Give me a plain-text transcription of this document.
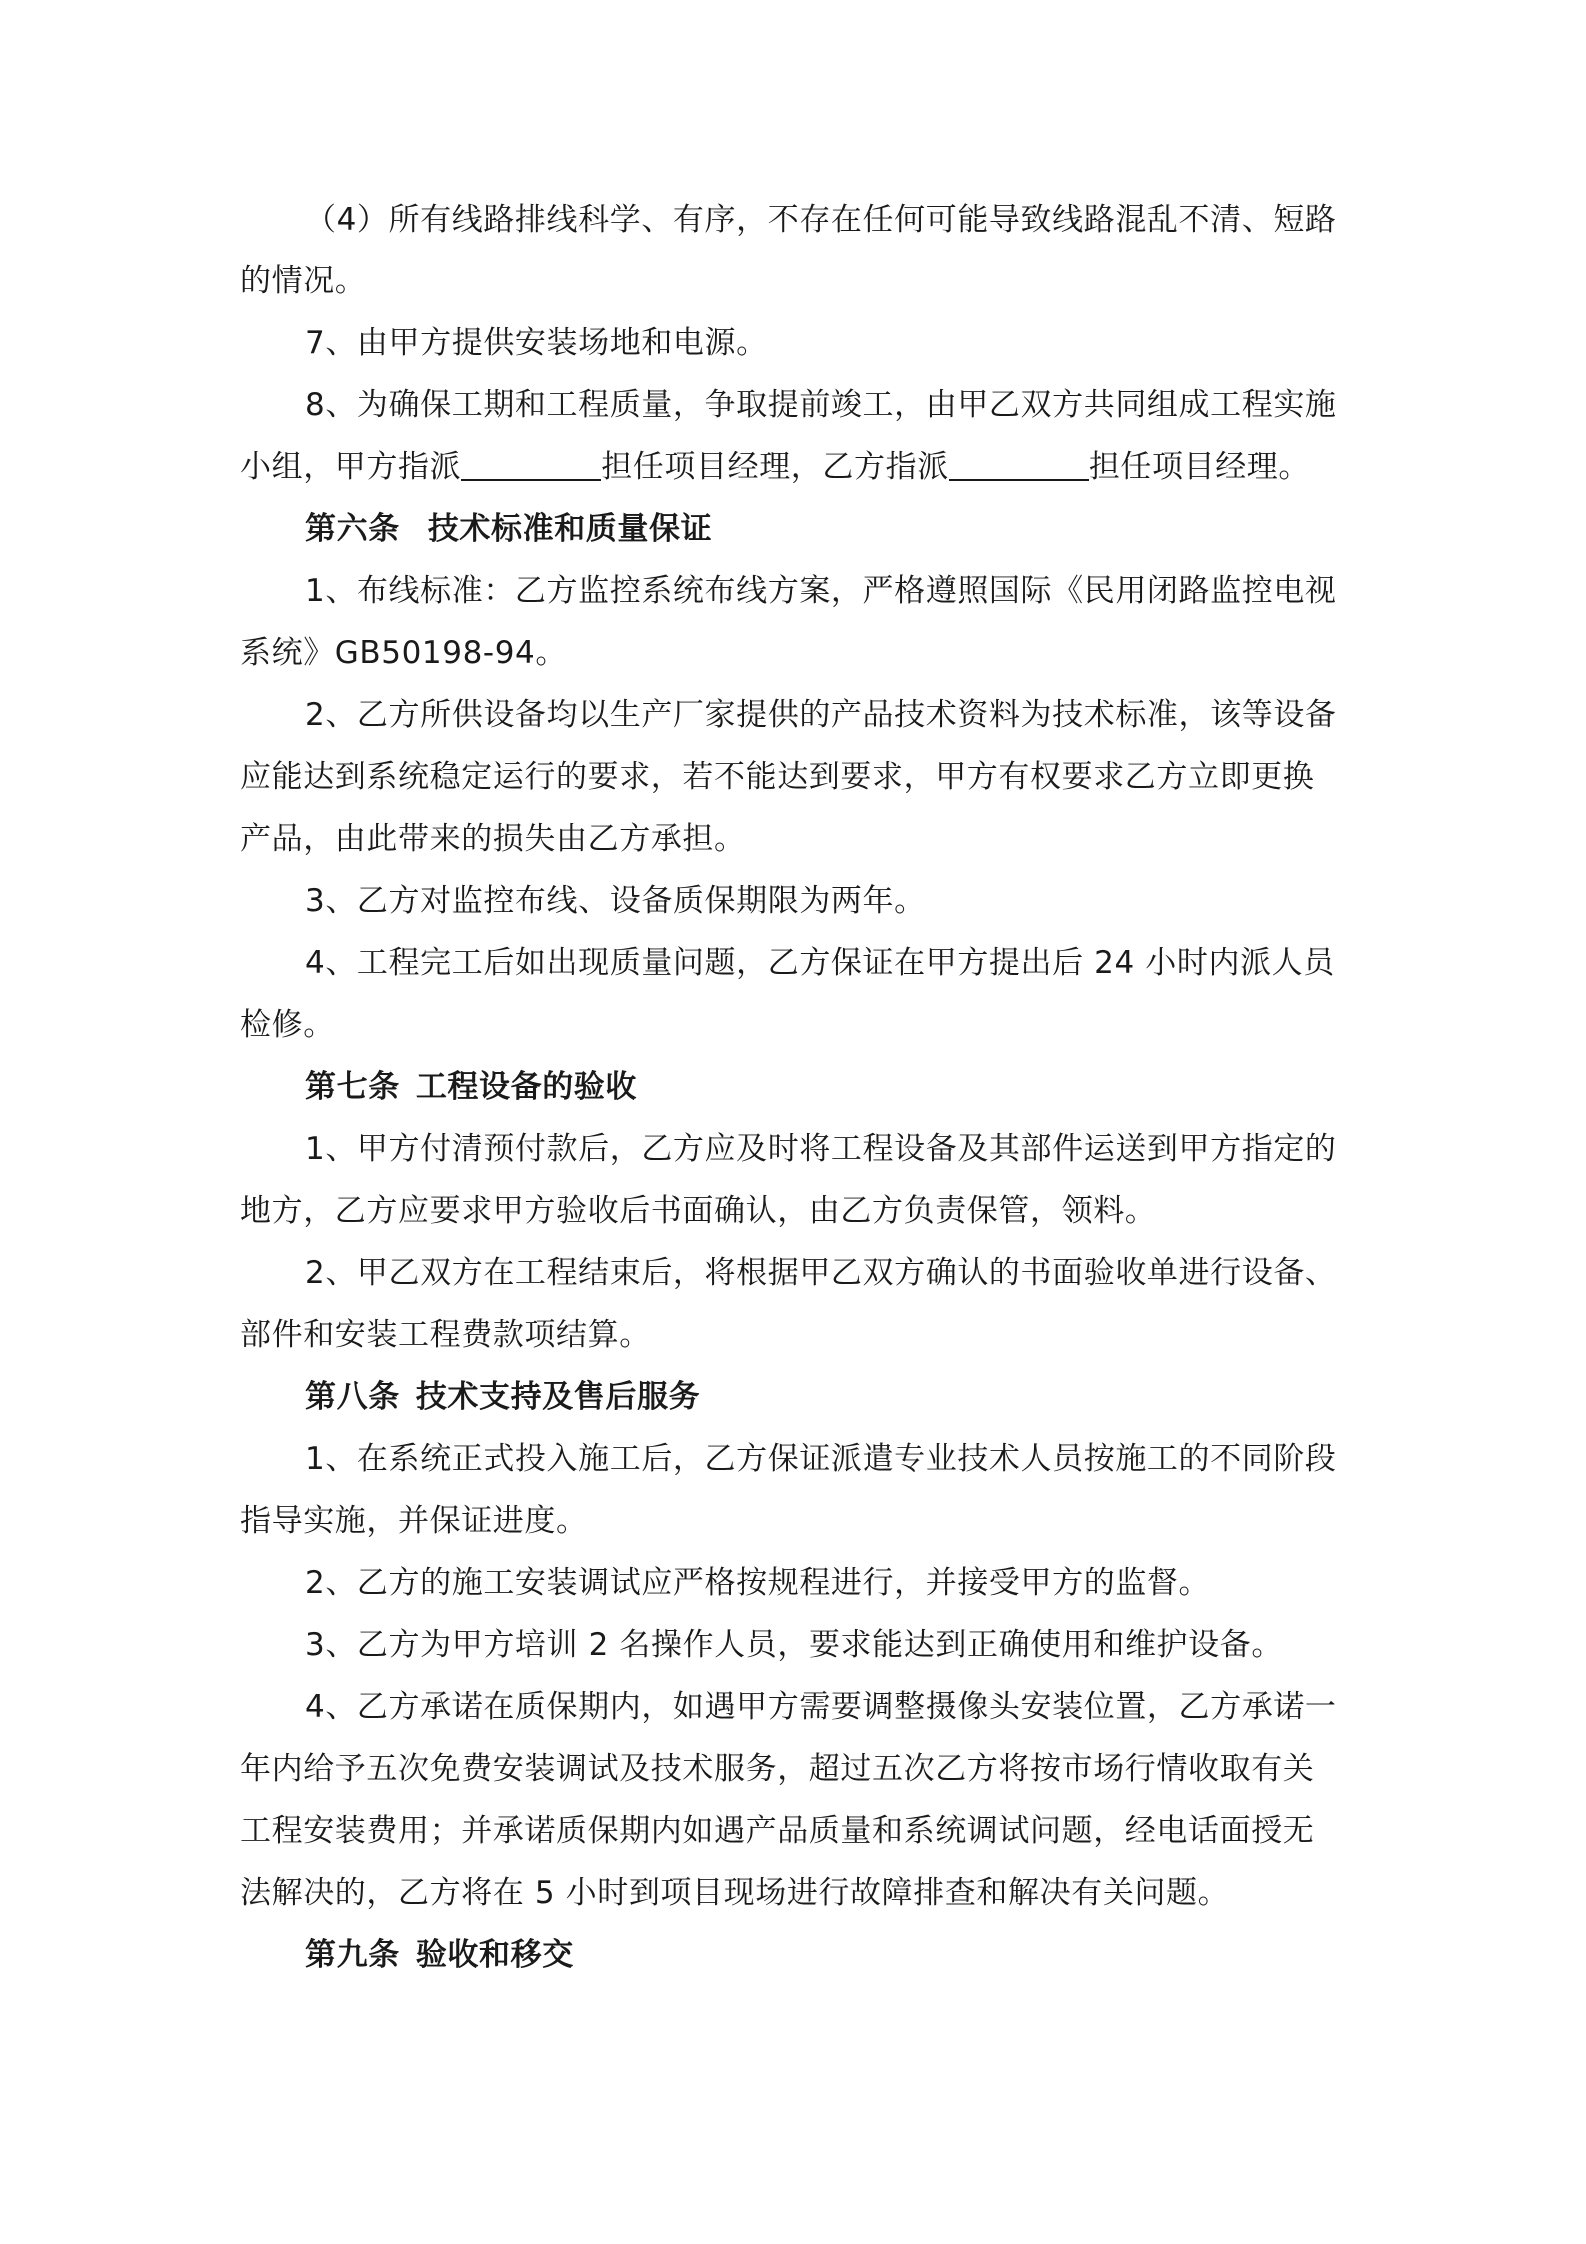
（4）所有线路排线科学、有序，不存在任何可能导致线路混乱不清、短路
的情况。
7、由甲方提供安装场地和电源。
8、为确保工期和工程质量，争取提前竣工，由甲乙双方共同组成工程实施
小组，甲方指派	担任项目经理，乙方指派	担任项目经理。
第六条 技术标准和质量保证
1、布线标准：乙方监控系统布线方案，严格遵照国际《民用闭路监控电视
系统》GB50198-94。
2、乙方所供设备均以生产厂家提供的产品技术资料为技术标准，该等设备
应能达到系统稳定运行的要求，若不能达到要求，甲方有权要求乙方立即更换
产品，由此带来的损失由乙方承担。
3、乙方对监控布线、设备质保期限为两年。
4、工程完工后如出现质量问题，乙方保证在甲方提出后 24 小时内派人员
检修。
第七条 工程设备的验收
1、甲方付清预付款后，乙方应及时将工程设备及其部件运送到甲方指定的
地方，乙方应要求甲方验收后书面确认，由乙方负责保管，领料。
2、甲乙双方在工程结束后，将根据甲乙双方确认的书面验收单进行设备、
部件和安装工程费款项结算。
第八条 技术支持及售后服务
1、在系统正式投入施工后，乙方保证派遣专业技术人员按施工的不同阶段
指导实施，并保证进度。
2、乙方的施工安装调试应严格按规程进行，并接受甲方的监督。
3、乙方为甲方培训 2 名操作人员，要求能达到正确使用和维护设备。
4、乙方承诺在质保期内，如遇甲方需要调整摄像头安装位置，乙方承诺一
年内给予五次免费安装调试及技术服务，超过五次乙方将按市场行情收取有关
工程安装费用；并承诺质保期内如遇产品质量和系统调试问题，经电话面授无
法解决的，乙方将在 5 小时到项目现场进行故障排查和解决有关问题。
第九条 验收和移交
